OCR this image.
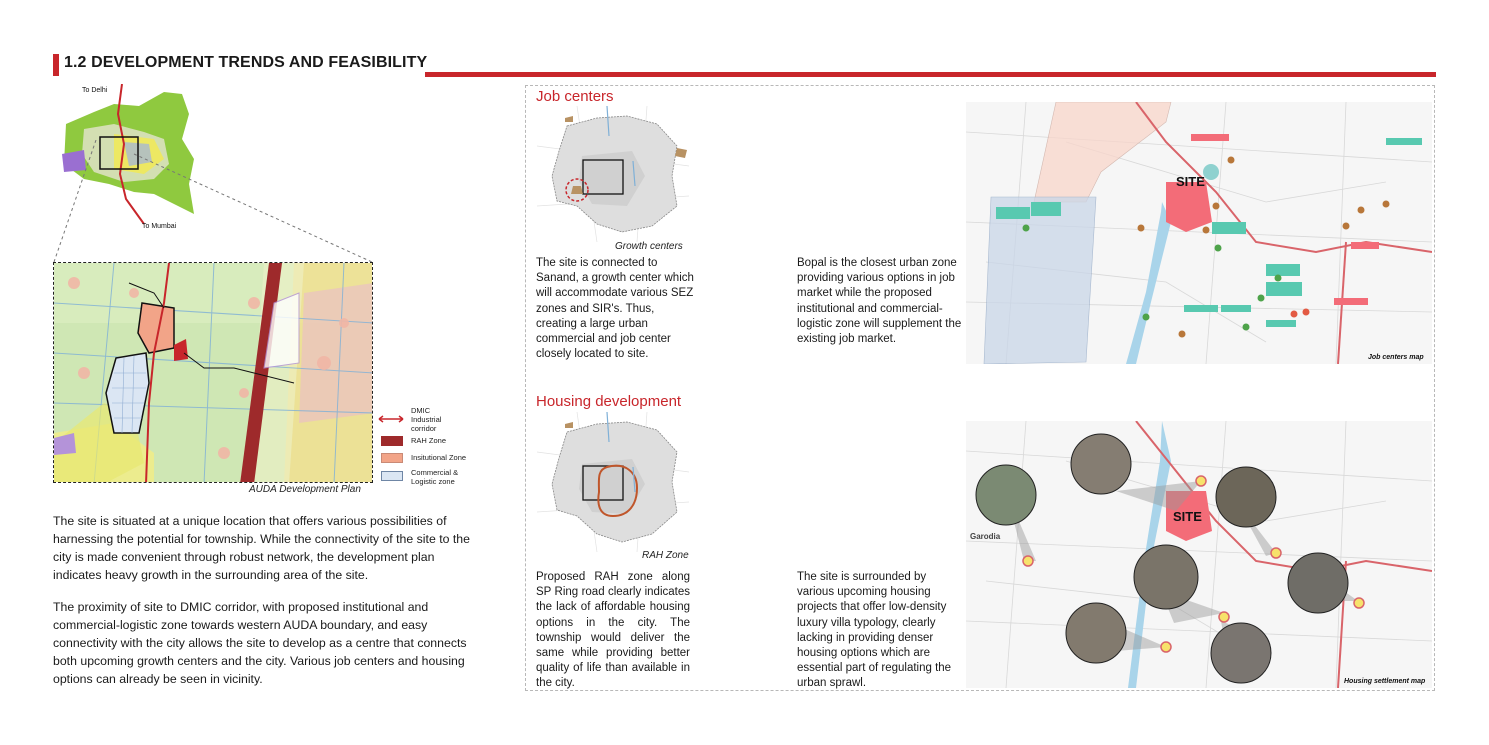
1.2 DEVELOPMENT TRENDS AND FEASIBILITY
To Delhi
To Mumbai
AUDA Development Plan
DMIC Industrial corridor
RAH Zone
Insitutional Zone
Commercial & Logistic zone
The site is situated at a unique location that offers various possibilities of harnessing the potential for township. While the connectivity of the site to the city is made convenient through robust network, the development plan indicates heavy growth in the surrounding area of the site.
The proximity of site to DMIC corridor, with proposed institutional and commercial-logistic zone towards western AUDA boundary, and easy connectivity with the city allows the site to develop as a centre that connects both upcoming growth centers and the city. Various job centers and housing options can already be seen in vicinity.
Job centers
Growth centers
The site is connected to Sanand, a growth center which will accommodate various SEZ zones and SIR's. Thus, creating a large urban commercial and job center closely located to site.
Bopal is the closest urban zone providing various options in job market while the proposed institutional and commercial-logistic zone will supplement the existing job market.
SITE
Job centers map
Housing development
RAH Zone
Proposed RAH zone along SP Ring road clearly indicates the lack of affordable housing options in the city. The township would deliver the same while providing better quality of life than available in the city.
The site is surrounded by various upcoming housing projects that offer low-density luxury villa typology, clearly lacking in providing denser housing options which are essential part of regulating the urban sprawl.
SITE
Garodia
Housing settlement map
